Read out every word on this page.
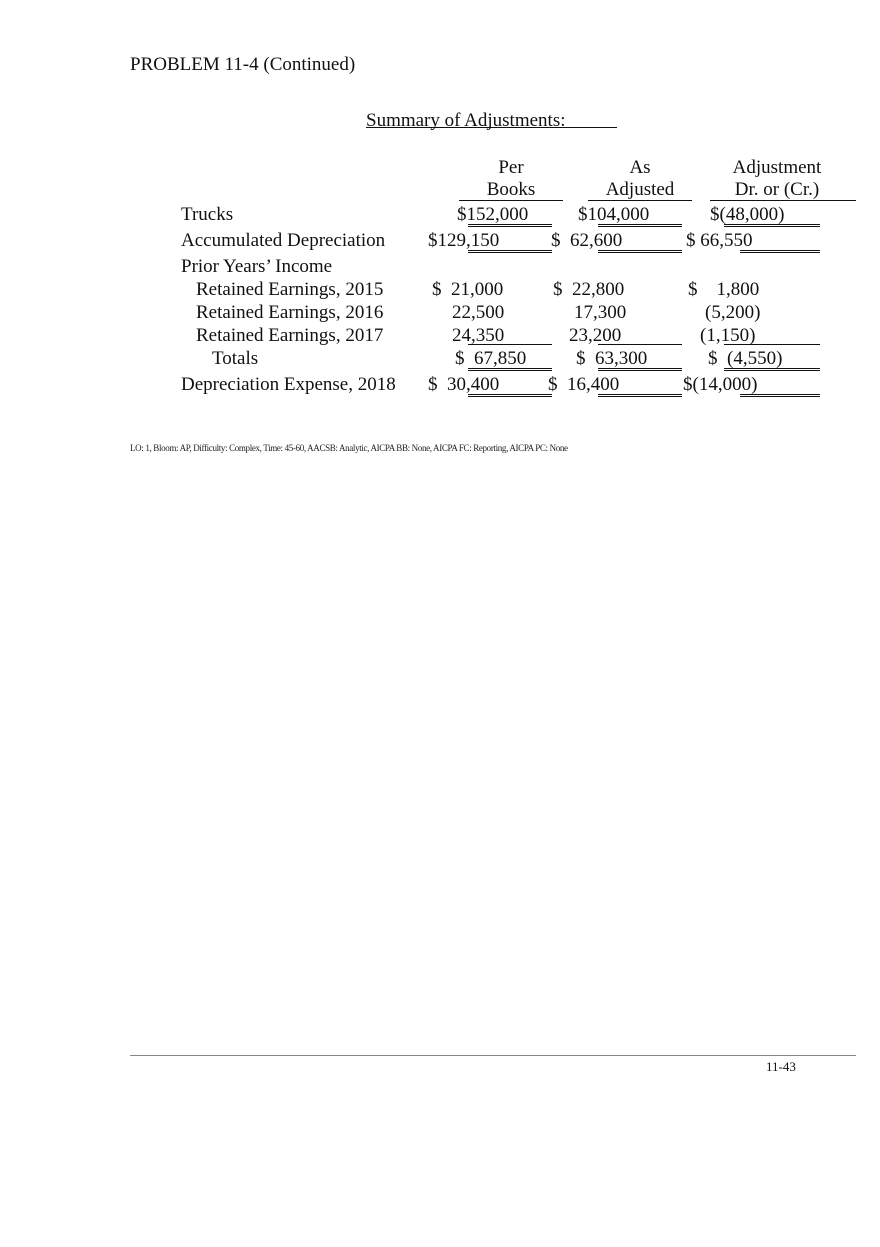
PROBLEM 11-4 (Continued)
Summary of Adjustments:
Per
Books
As
Adjusted
Adjustment
Dr. or (Cr.)
Trucks	$152,000	$104,000	$(48,000)
Accumulated Depreciation $129,150	$  62,600	$ 66,550
Prior Years’ Income
Retained Earnings, 2015	$  21,000	$  22,800	$    1,800
Retained Earnings, 2016	22,500	17,300	(5,200)
Retained Earnings, 2017	24,350	23,200	(1,150)
Totals	$  67,850	$  63,300	$  (4,550)
Depreciation Expense, 2018 $  30,400	$  16,400	$(14,000)
LO: 1, Bloom: AP, Difficulty: Complex, Time: 45-60, AACSB: Analytic, AICPA BB: None, AICPA FC: Reporting, AICPA PC: None
11-43
